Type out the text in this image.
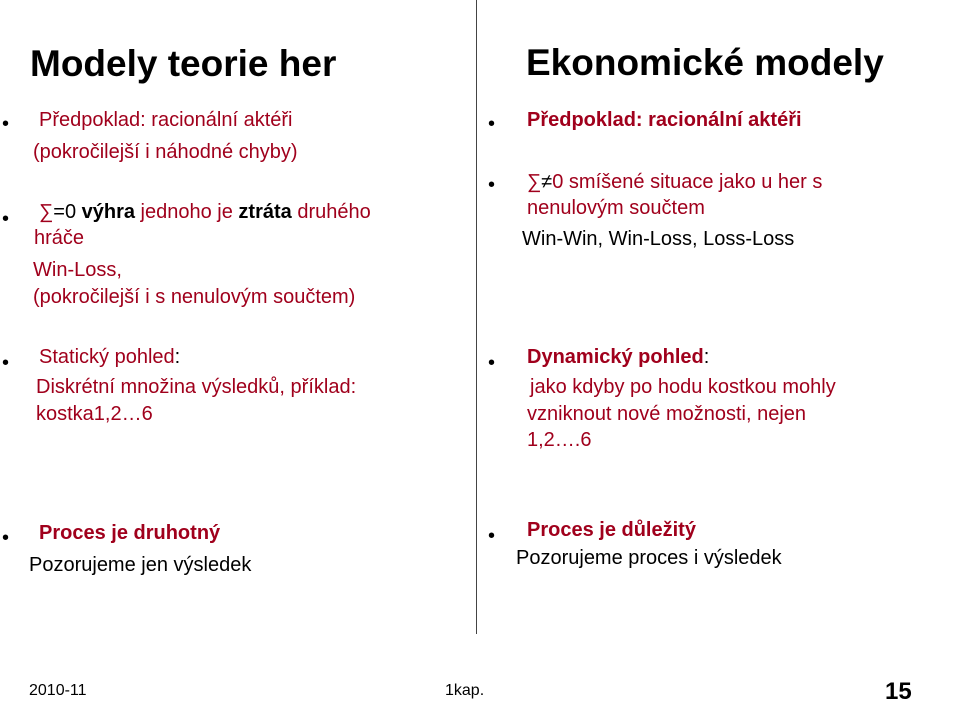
Modely teorie her
• Předpoklad: racionální aktéři
(pokročilejší i náhodné chyby)
• ∑=0 výhra jednoho je ztráta druhého
hráče
Win-Loss,
(pokročilejší i s nenulovým součtem)
• Statický pohled:
Diskrétní množina výsledků, příklad:
kostka1,2…6
• Proces je druhotný
Pozorujeme jen výsledek
Ekonomické modely
• Předpoklad: racionální aktéři
• ∑≠0 smíšené situace jako u her s
nenulovým součtem
Win-Win, Win-Loss, Loss-Loss
• Dynamický pohled:
jako kdyby po hodu kostkou mohly
vzniknout nové možnosti, nejen
1,2….6
• Proces je důležitý
Pozorujeme proces i výsledek
2010-11	1kap.	15
